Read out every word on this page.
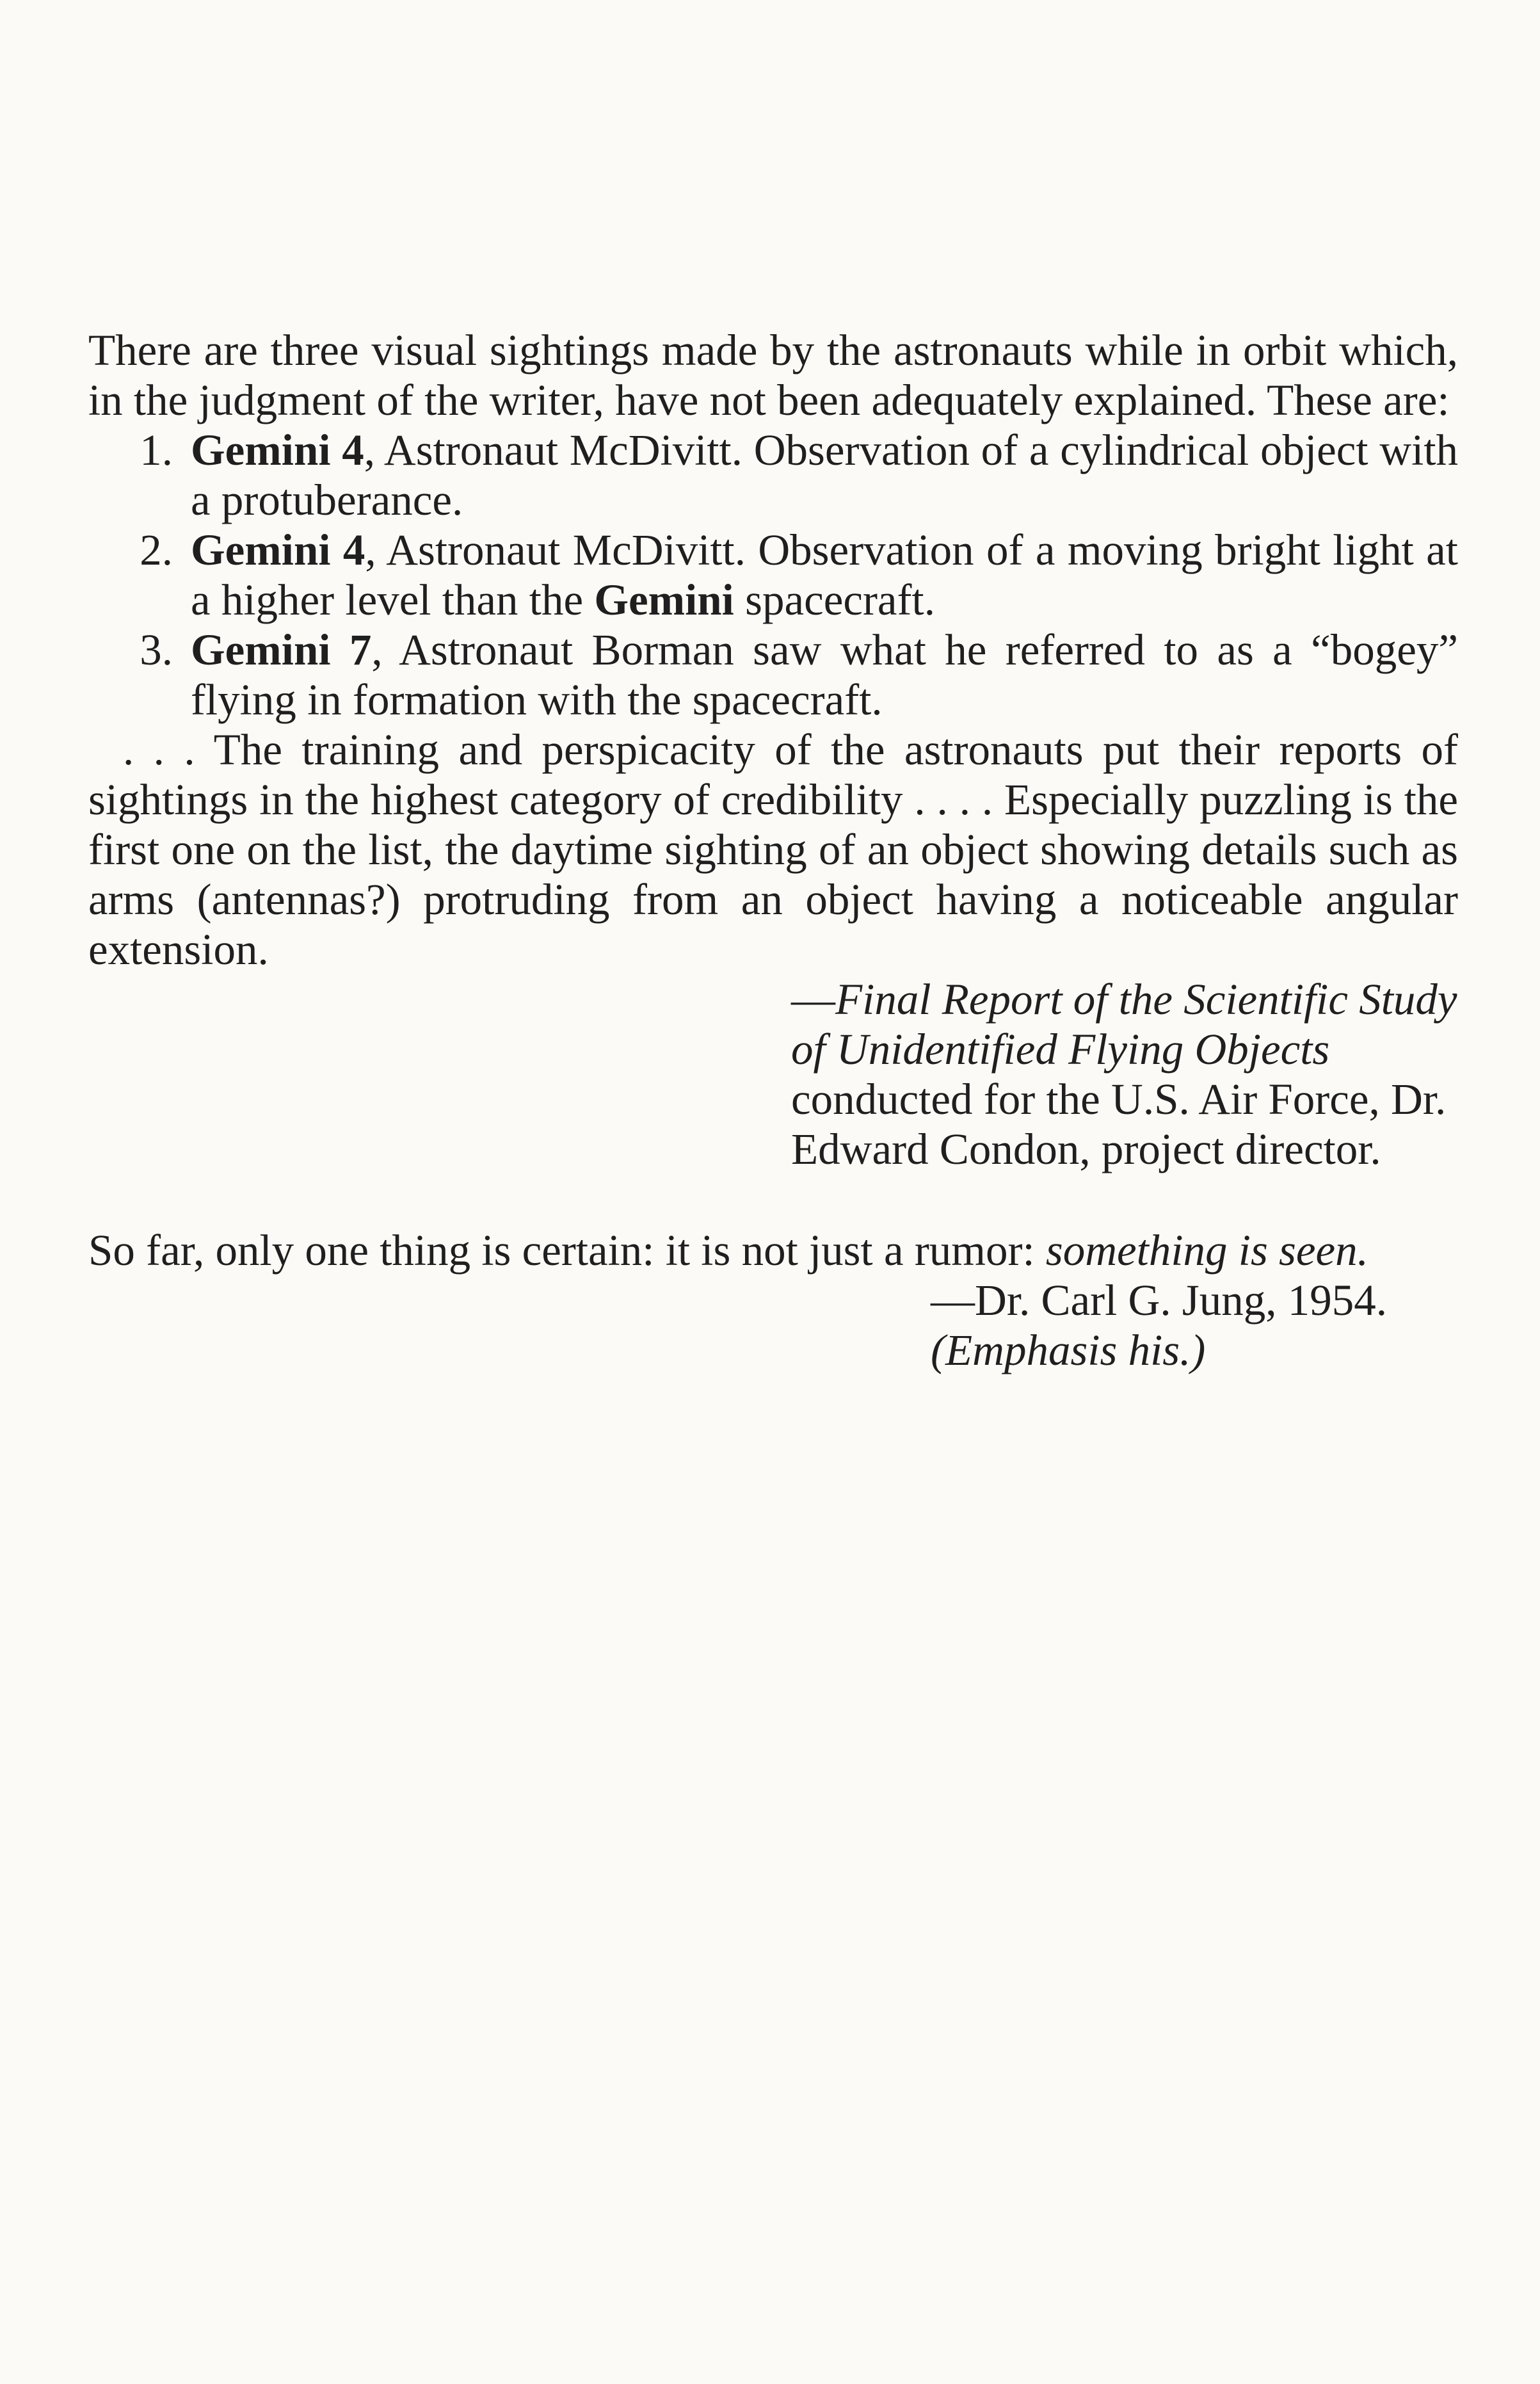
There are three visual sightings made by the astronauts while in orbit which, in the judgment of the writer, have not been adequately explained. These are:

1. Gemini 4, Astronaut McDivitt. Observation of a cylindrical object with a protuberance.
2. Gemini 4, Astronaut McDivitt. Observation of a moving bright light at a higher level than the Gemini spacecraft.
3. Gemini 7, Astronaut Borman saw what he referred to as a “bogey” flying in formation with the spacecraft.

. . . The training and perspicacity of the astronauts put their reports of sightings in the highest category of credibility . . . . Especially puzzling is the first one on the list, the daytime sighting of an object showing details such as arms (antennas?) protruding from an object having a noticeable angular extension.

—Final Report of the Scientific Study of Unidentified Flying Objects conducted for the U.S. Air Force, Dr. Edward Condon, project director.

So far, only one thing is certain: it is not just a rumor: something is seen.

—Dr. Carl G. Jung, 1954.
(Emphasis his.)
